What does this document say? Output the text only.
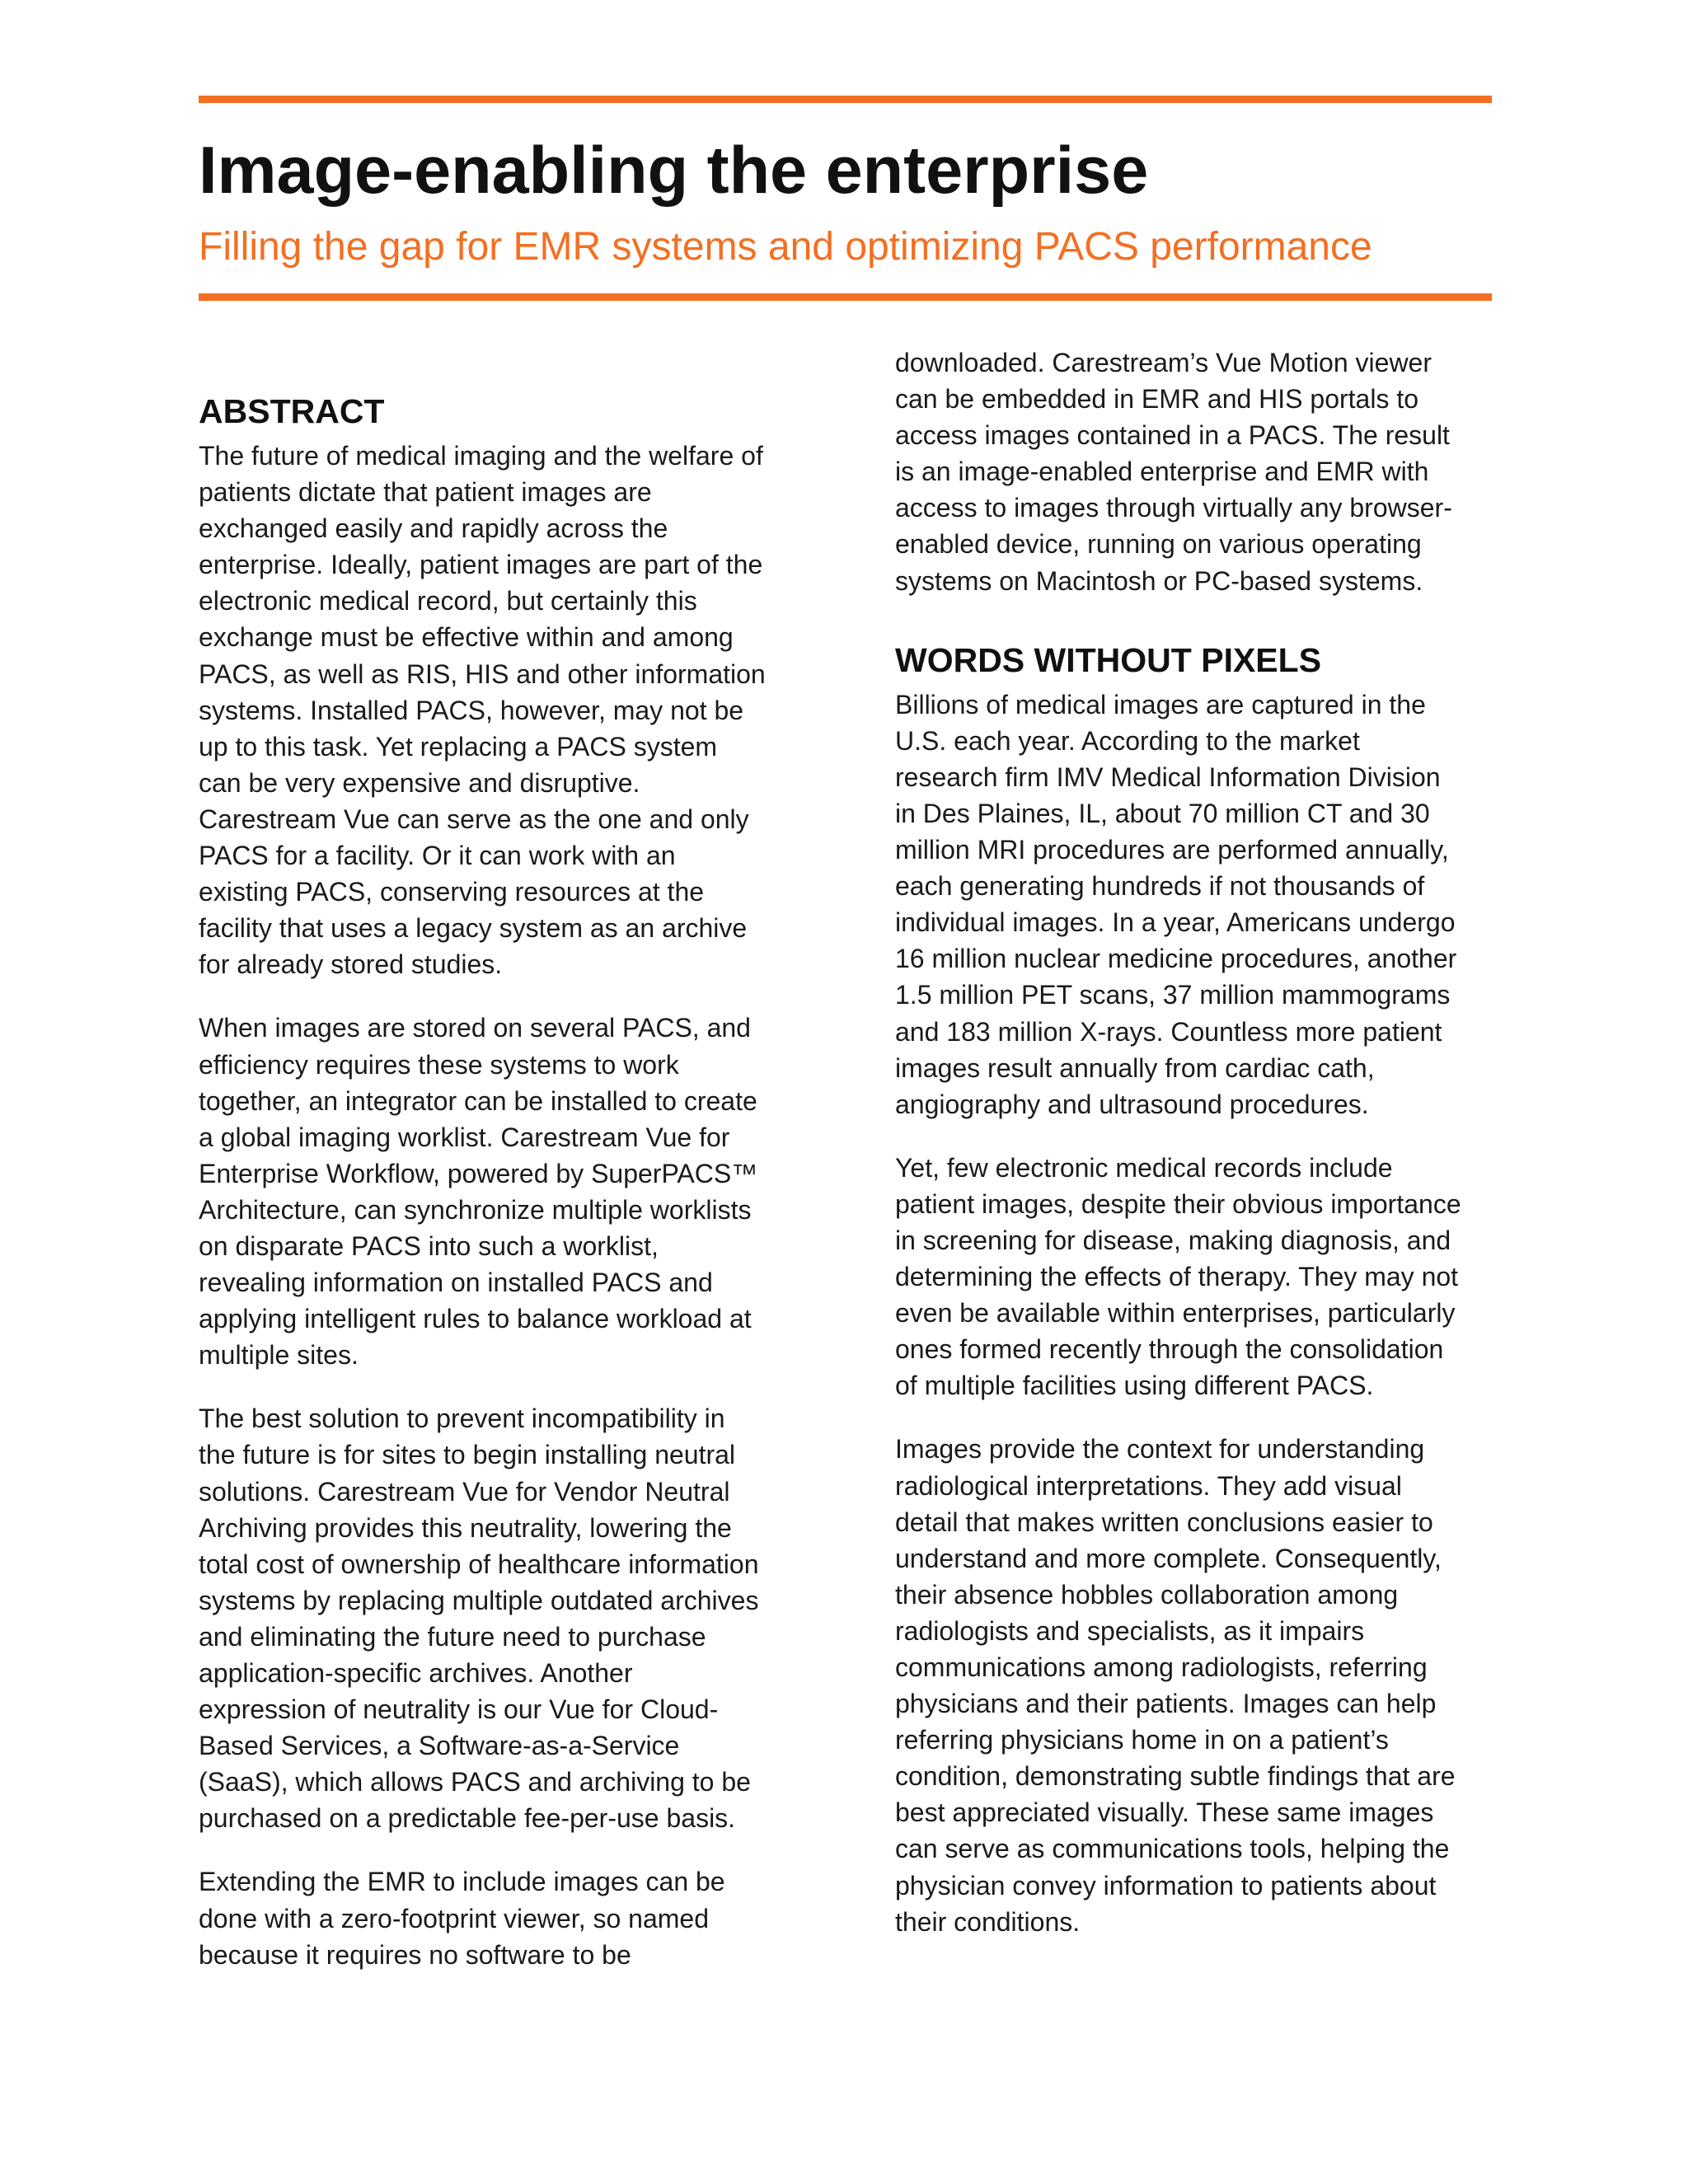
Image-enabling the enterprise
Filling the gap for EMR systems and optimizing PACS performance
ABSTRACT

The future of medical imaging and the welfare of
patients dictate that patient images are
exchanged easily and rapidly across the
enterprise. Ideally, patient images are part of the
electronic medical record, but certainly this
exchange must be effective within and among
PACS, as well as RIS, HIS and other information
systems. Installed PACS, however, may not be
up to this task. Yet replacing a PACS system
can be very expensive and disruptive.
Carestream Vue can serve as the one and only
PACS for a facility. Or it can work with an
existing PACS, conserving resources at the
facility that uses a legacy system as an archive
for already stored studies.

When images are stored on several PACS, and
efficiency requires these systems to work
together, an integrator can be installed to create
a global imaging worklist. Carestream Vue for
Enterprise Workflow, powered by SuperPACS™
Architecture, can synchronize multiple worklists
on disparate PACS into such a worklist,
revealing information on installed PACS and
applying intelligent rules to balance workload at
multiple sites.

The best solution to prevent incompatibility in
the future is for sites to begin installing neutral
solutions. Carestream Vue for Vendor Neutral
Archiving provides this neutrality, lowering the
total cost of ownership of healthcare information
systems by replacing multiple outdated archives
and eliminating the future need to purchase
application-specific archives. Another
expression of neutrality is our Vue for Cloud-
Based Services, a Software-as-a-Service
(SaaS), which allows PACS and archiving to be
purchased on a predictable fee-per-use basis.

Extending the EMR to include images can be
done with a zero-footprint viewer, so named
because it requires no software to be

downloaded. Carestream’s Vue Motion viewer
can be embedded in EMR and HIS portals to
access images contained in a PACS. The result
is an image-enabled enterprise and EMR with
access to images through virtually any browser-
enabled device, running on various operating
systems on Macintosh or PC-based systems.

WORDS WITHOUT PIXELS

Billions of medical images are captured in the
U.S. each year. According to the market
research firm IMV Medical Information Division
in Des Plaines, IL, about 70 million CT and 30
million MRI procedures are performed annually,
each generating hundreds if not thousands of
individual images. In a year, Americans undergo
16 million nuclear medicine procedures, another
1.5 million PET scans, 37 million mammograms
and 183 million X-rays. Countless more patient
images result annually from cardiac cath,
angiography and ultrasound procedures.

Yet, few electronic medical records include
patient images, despite their obvious importance
in screening for disease, making diagnosis, and
determining the effects of therapy. They may not
even be available within enterprises, particularly
ones formed recently through the consolidation
of multiple facilities using different PACS.

Images provide the context for understanding
radiological interpretations. They add visual
detail that makes written conclusions easier to
understand and more complete. Consequently,
their absence hobbles collaboration among
radiologists and specialists, as it impairs
communications among radiologists, referring
physicians and their patients. Images can help
referring physicians home in on a patient’s
condition, demonstrating subtle findings that are
best appreciated visually. These same images
can serve as communications tools, helping the
physician convey information to patients about
their conditions.
